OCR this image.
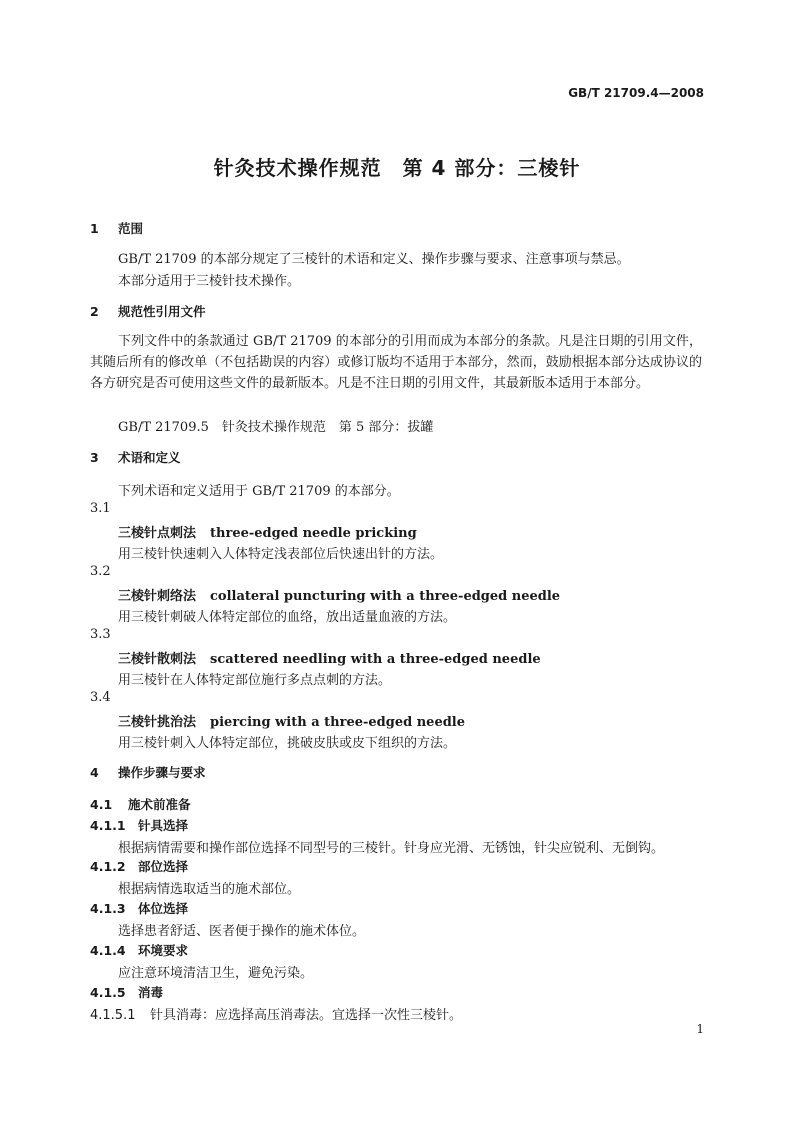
GB/T 21709.4—2008
针灸技术操作规范　第 4 部分：三棱针
1 范围
GB/T 21709 的本部分规定了三棱针的术语和定义、操作步骤与要求、注意事项与禁忌。
本部分适用于三棱针技术操作。
2 规范性引用文件
下列文件中的条款通过 GB/T 21709 的本部分的引用而成为本部分的条款。凡是注日期的引用文件，其随后所有的修改单（不包括勘误的内容）或修订版均不适用于本部分，然而，鼓励根据本部分达成协议的各方研究是否可使用这些文件的最新版本。凡是不注日期的引用文件，其最新版本适用于本部分。
GB/T 21709.5　针灸技术操作规范　第 5 部分：拔罐
3 术语和定义
下列术语和定义适用于 GB/T 21709 的本部分。
3.1
三棱针点刺法 three-edged needle pricking
用三棱针快速刺入人体特定浅表部位后快速出针的方法。
3.2
三棱针刺络法 collateral puncturing with a three-edged needle
用三棱针刺破人体特定部位的血络，放出适量血液的方法。
3.3
三棱针散刺法 scattered needling with a three-edged needle
用三棱针在人体特定部位施行多点点刺的方法。
3.4
三棱针挑治法 piercing with a three-edged needle
用三棱针刺入人体特定部位，挑破皮肤或皮下组织的方法。
4 操作步骤与要求
4.1 施术前准备
4.1.1 针具选择
根据病情需要和操作部位选择不同型号的三棱针。针身应光滑、无锈蚀，针尖应锐利、无倒钩。
4.1.2 部位选择
根据病情选取适当的施术部位。
4.1.3 体位选择
选择患者舒适、医者便于操作的施术体位。
4.1.4 环境要求
应注意环境清洁卫生，避免污染。
4.1.5 消毒
4.1.5.1 针具消毒：应选择高压消毒法。宜选择一次性三棱针。
1
